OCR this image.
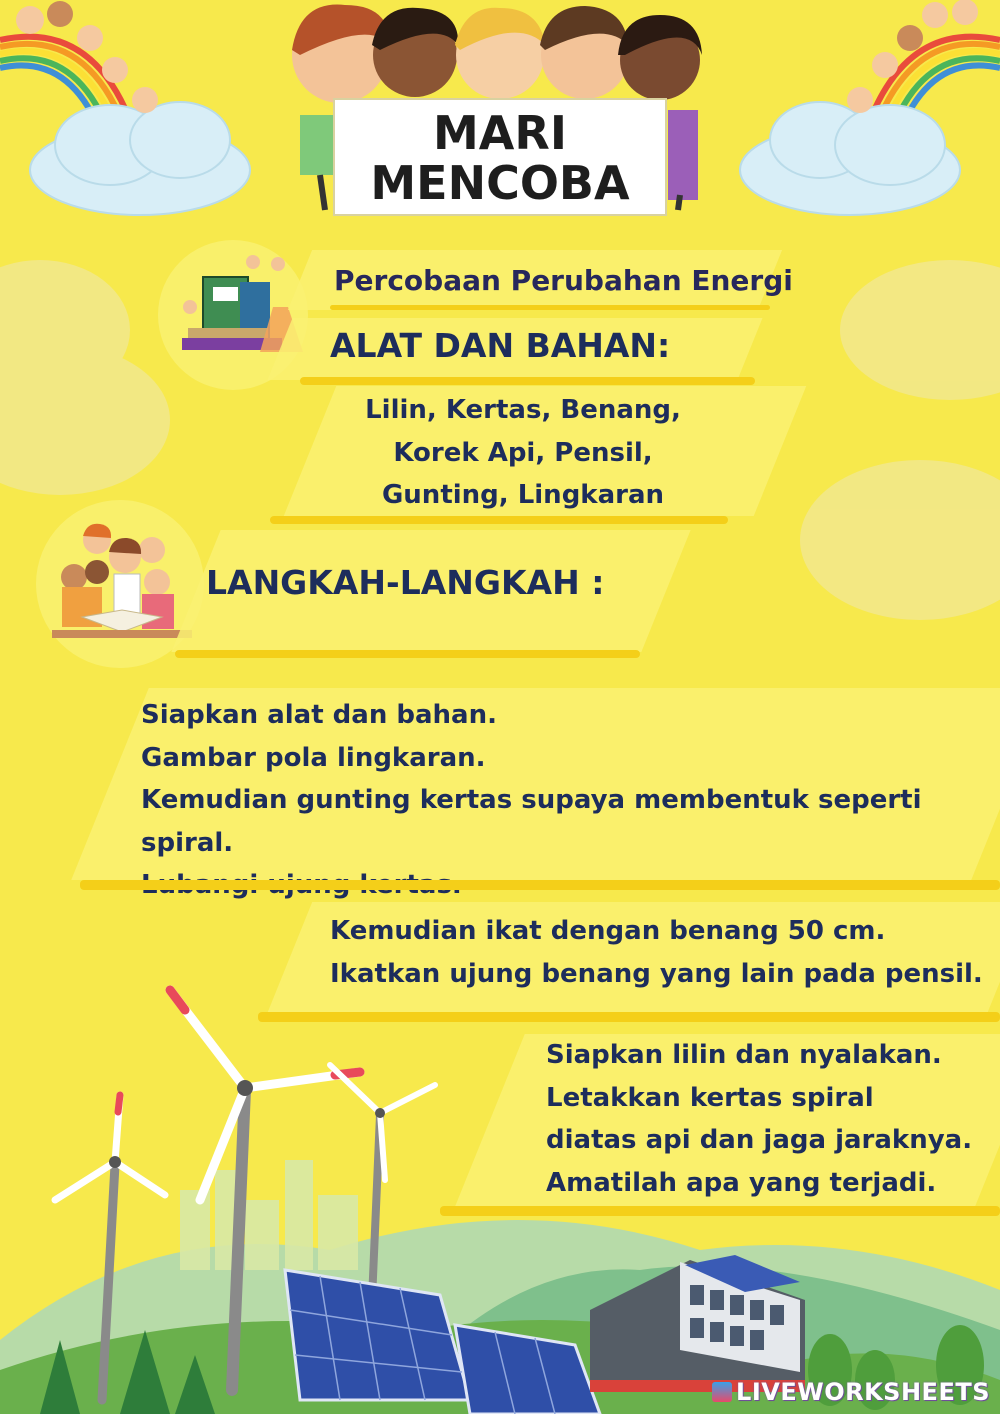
MARI
MENCOBA
Percobaan Perubahan Energi
ALAT DAN BAHAN:
Lilin, Kertas, Benang,
Korek Api, Pensil,
Gunting, Lingkaran
LANGKAH-LANGKAH :
Siapkan alat dan bahan.
Gambar pola lingkaran.
Kemudian gunting kertas supaya membentuk seperti spiral.
Kemudian ikat dengan benang 50 cm.
Ikatkan ujung benang yang lain pada pensil.
Siapkan lilin dan nyalakan.
Letakkan kertas spiral
diatas api dan jaga jaraknya.
Amatilah apa yang terjadi.
LIVEWORKSHEETS
